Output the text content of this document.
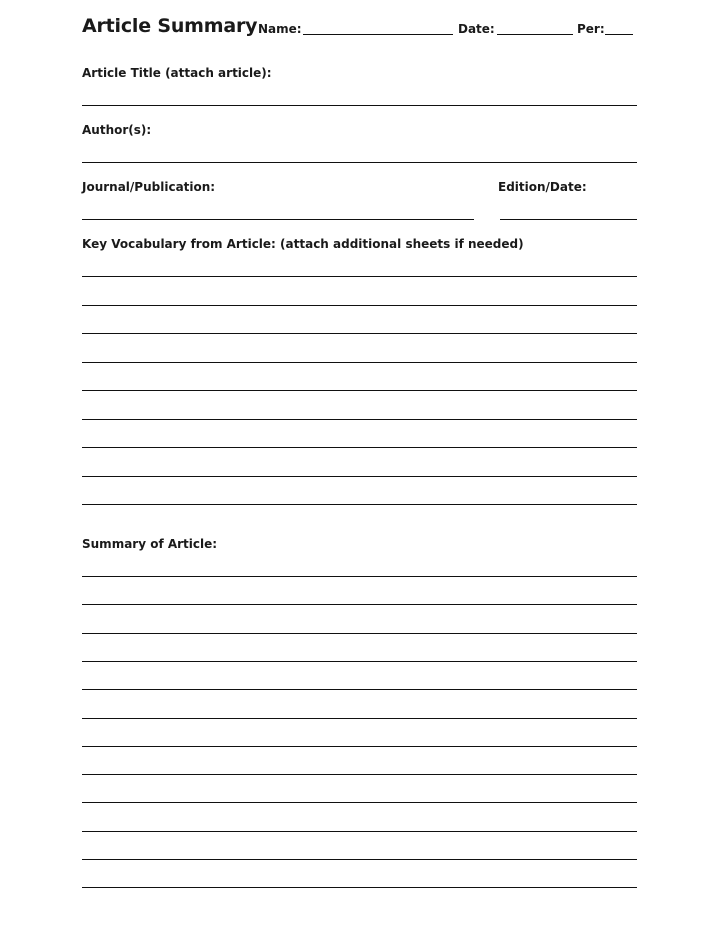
Article Summary Name:	Date:	Per:
Article Title (attach article):
Author(s):
Journal/Publication:	Edition/Date:
Key Vocabulary from Article: (attach additional sheets if needed)
Summary of Article:
